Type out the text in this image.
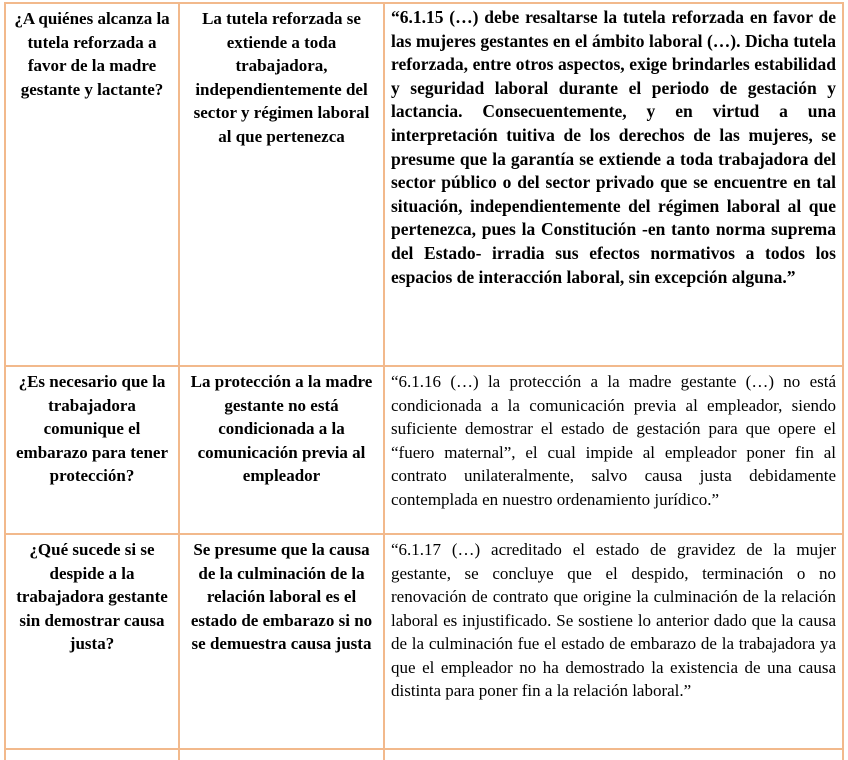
¿A quiénes alcanza la tutela reforzada a favor de la madre gestante y lactante?	La tutela reforzada se extiende a toda trabajadora, independientemente del sector y régimen laboral al que pertenezca	“6.1.15 (…) debe resaltarse la tutela reforzada en favor de las mujeres gestantes en el ámbito laboral (…). Dicha tutela reforzada, entre otros aspectos, exige brindarles estabilidad y seguridad laboral durante el periodo de gestación y lactancia. Consecuentemente, y en virtud a una interpretación tuitiva de los derechos de las mujeres, se presume que la garantía se extiende a toda trabajadora del sector público o del sector privado que se encuentre en tal situación, independientemente del régimen laboral al que pertenezca, pues la Constitución -en tanto norma suprema del Estado- irradia sus efectos normativos a todos los espacios de interacción laboral, sin excepción alguna.”
¿Es necesario que la trabajadora comunique el embarazo para tener protección?	La protección a la madre gestante no está condicionada a la comunicación previa al empleador	“6.1.16 (…) la protección a la madre gestante (…) no está condicionada a la comunicación previa al empleador, siendo suficiente demostrar el estado de gestación para que opere el “fuero maternal”, el cual impide al empleador poner fin al contrato unilateralmente, salvo causa justa debidamente contemplada en nuestro ordenamiento jurídico.”
¿Qué sucede si se despide a la trabajadora gestante sin demostrar causa justa?	Se presume que la causa de la culminación de la relación laboral es el estado de embarazo si no se demuestra causa justa	“6.1.17 (…) acreditado el estado de gravidez de la mujer gestante, se concluye que el despido, terminación o no renovación de contrato que origine la culminación de la relación laboral es injustificado. Se sostiene lo anterior dado que la causa de la culminación fue el estado de embarazo de la trabajadora ya que el empleador no ha demostrado la existencia de una causa distinta para poner fin a la relación laboral.”
